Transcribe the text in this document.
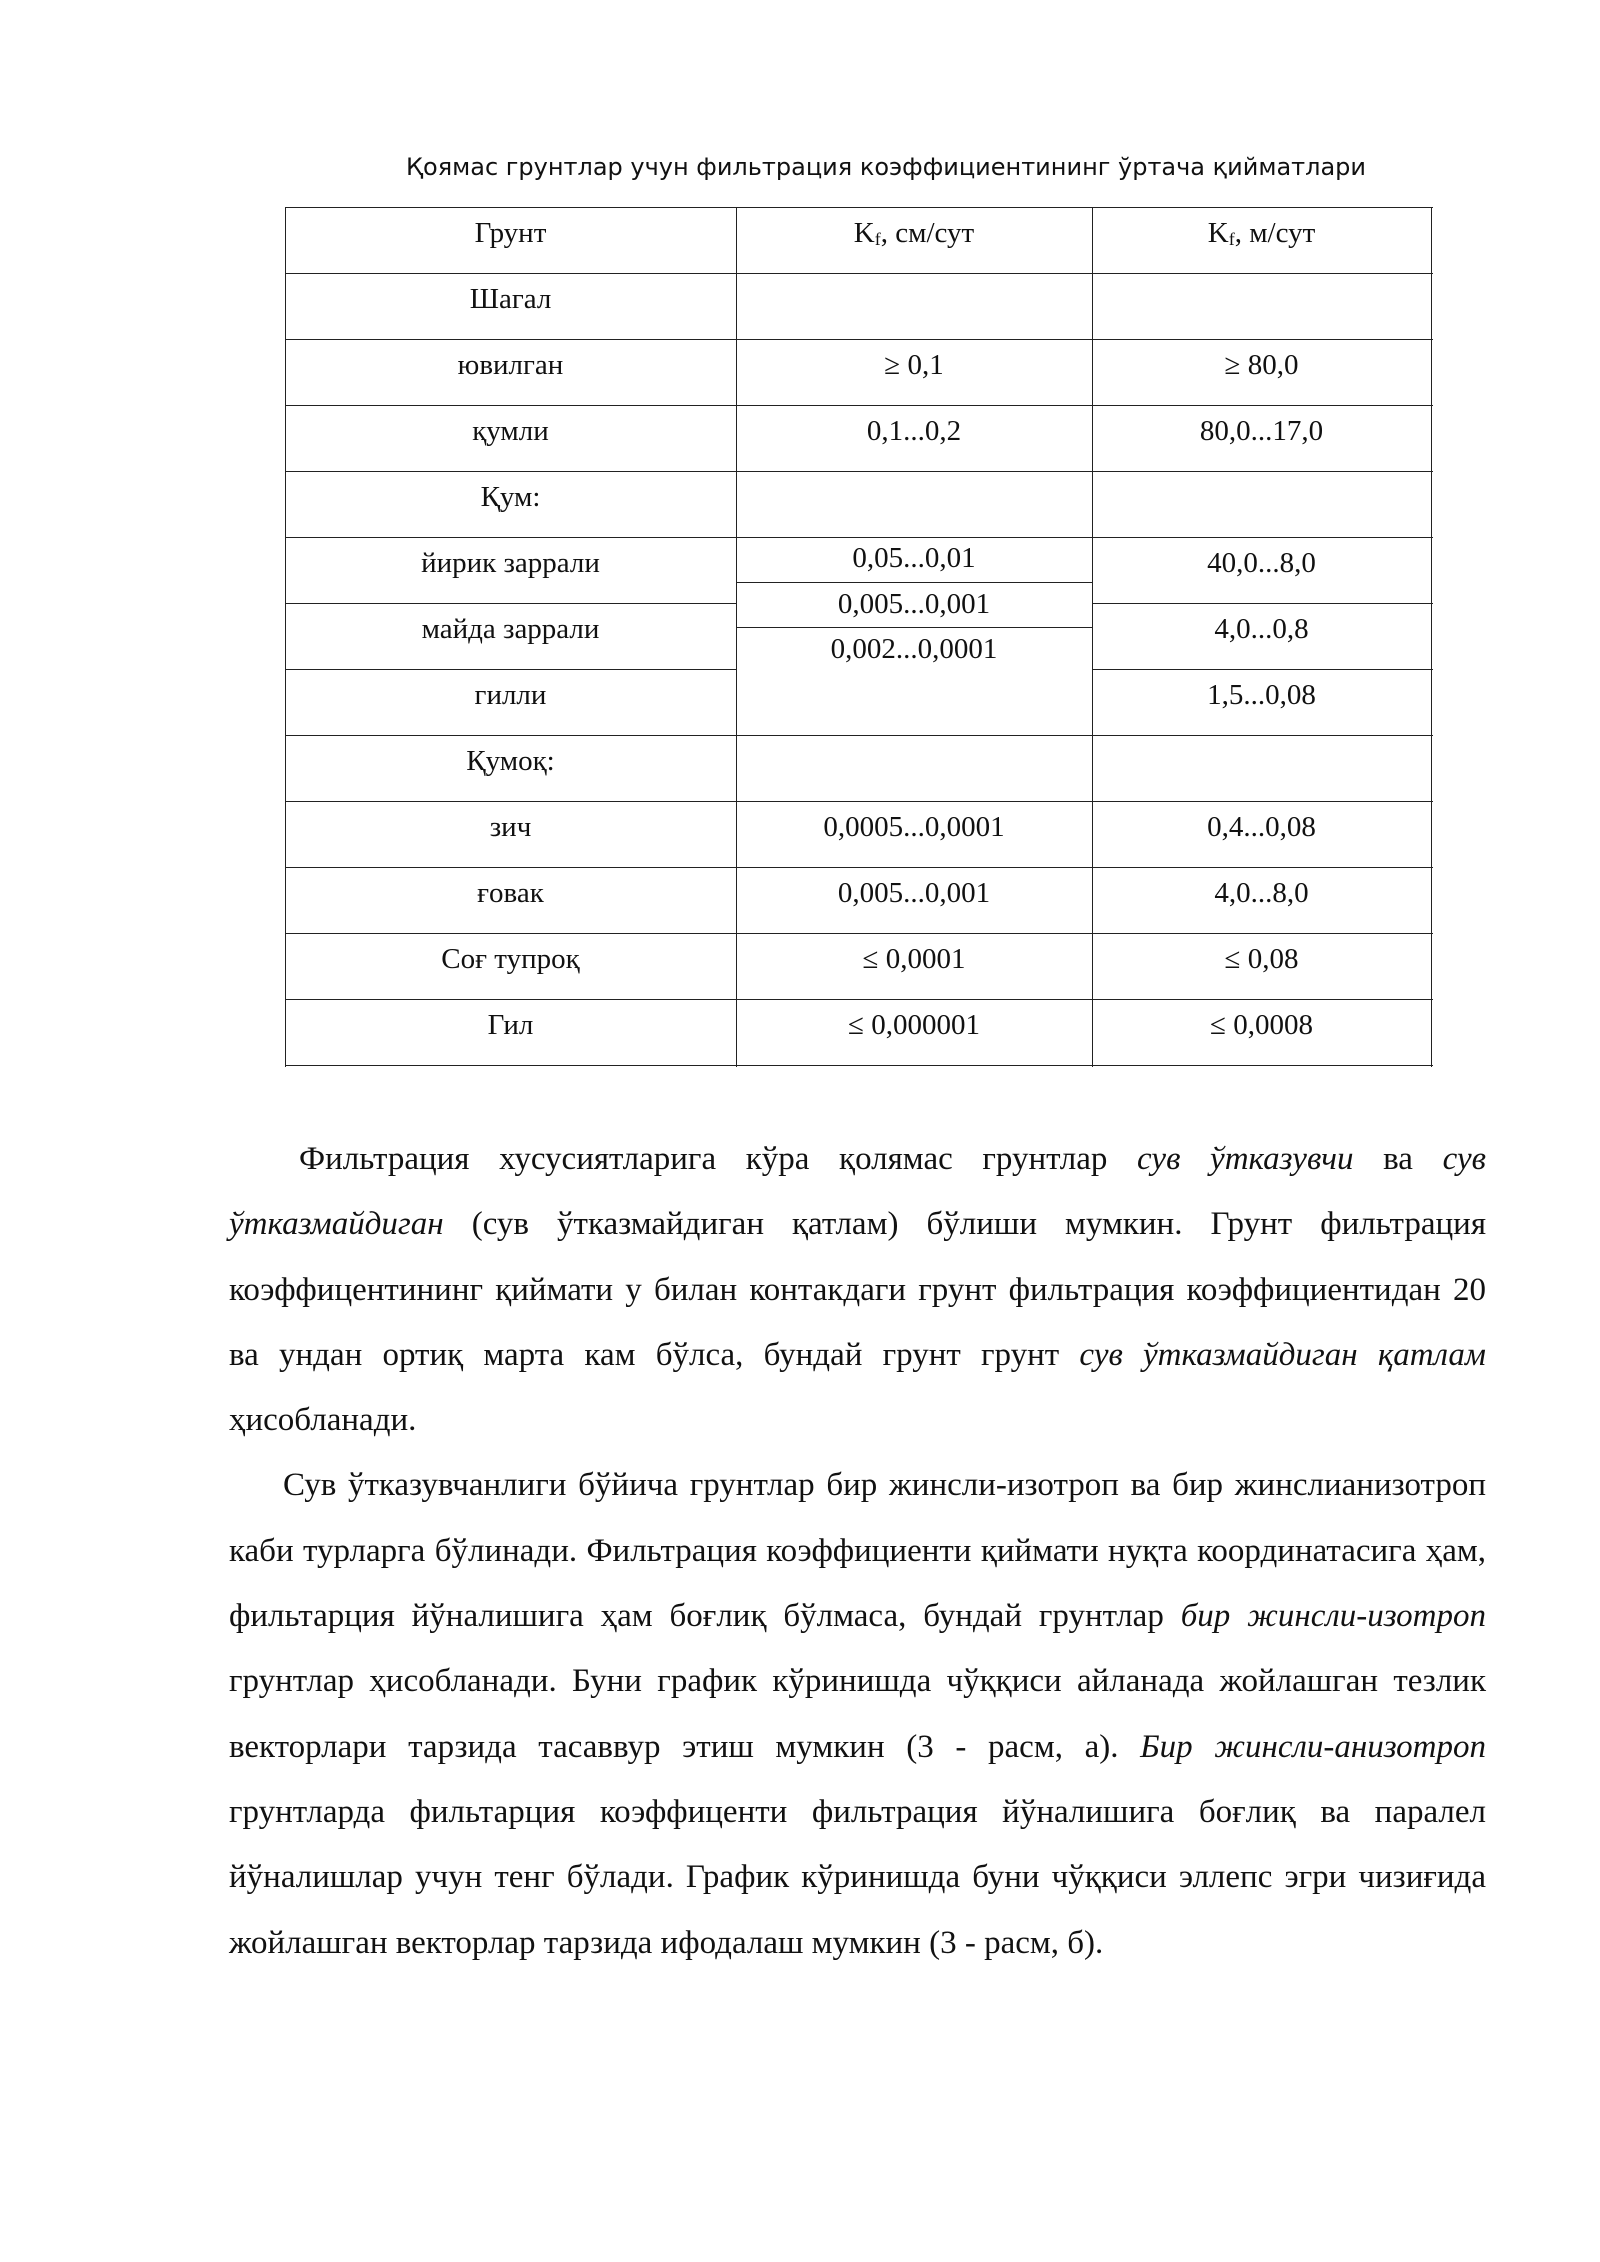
Қоямас грунтлар учун фильтрация коэффициентининг ўртача қийматлари
Грунт	$K_f$, см/сут	$K_f$, м/сут
Шагал
ювилган
қумли
Қум:
йирик заррали
майда заррали
гилли
Қумоқ:
зич
ғовак
Соғ тупроқ
Гил
≥ 0,1
0,1...0,2
0,05...0,01
0,005...0,001
0,002...0,0001
0,0005...0,0001
0,005...0,001
≤ 0,0001
≤ 0,000001
≥ 80,0
80,0...17,0
40,0...8,0
4,0...0,8
1,5...0,08
0,4...0,08
4,0...8,0
≤ 0,08
≤ 0,0008

Фильтрация хусусиятларига кўра қолямас грунтлар сув ўтказувчи ва сув ўтказмайдиган (сув ўтказмайдиган қатлам) бўлиши мумкин. Грунт фильтрация коэффицентининг қиймати у билан контакдаги грунт фильтрация коэффициентидан 20 ва ундан ортиқ марта кам бўлса, бундай грунт грунт сув ўтказмайдиган қатлам ҳисобланади.

Сув ўтказувчанлиги бўйича грунтлар бир жинсли-изотроп ва бир жинслианизотроп каби турларга бўлинади. Фильтрация коэффициенти қиймати нуқта координатасига ҳам, фильтарция йўналишига ҳам боғлиқ бўлмаса, бундай грунтлар бир жинсли-изотроп грунтлар ҳисобланади. Буни график кўринишда чўққиси айланада жойлашган тезлик векторлари тарзида тасаввур этиш мумкин (3 - расм, а). Бир жинсли-анизотроп грунтларда фильтарция коэффиценти фильтрация йўналишига боғлиқ ва паралел йўналишлар учун тенг бўлади. График кўринишда буни чўққиси эллепс эгри чизиғида жойлашган векторлар тарзида ифодалаш мумкин (3 - расм, б).
